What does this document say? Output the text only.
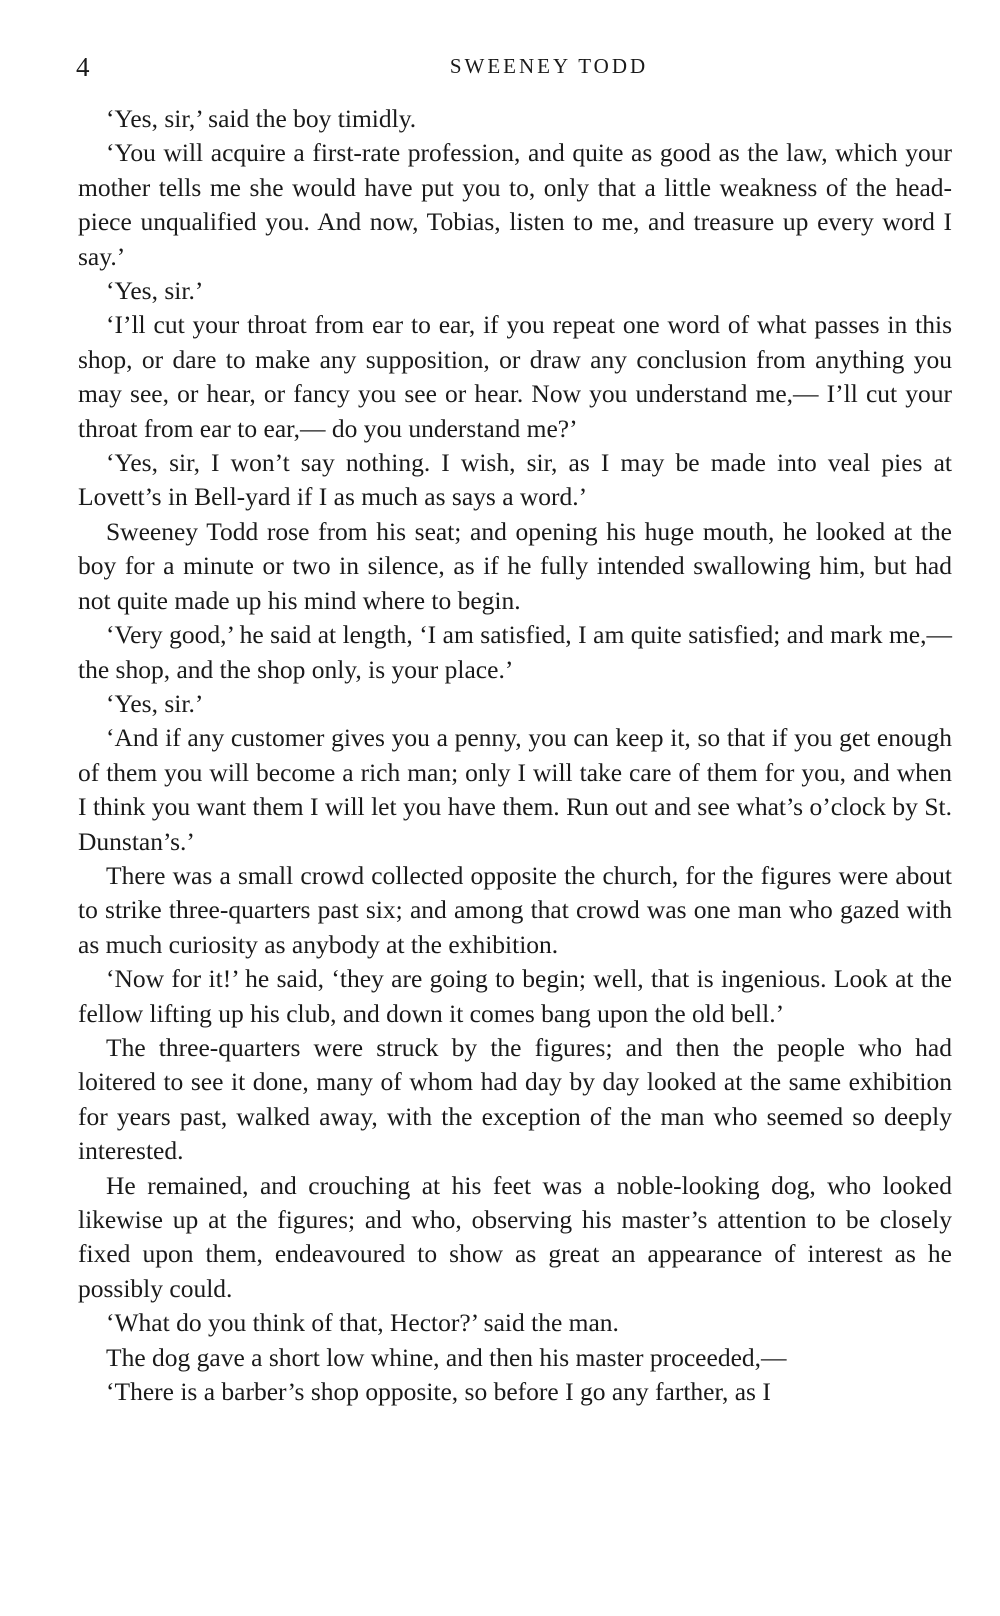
4	SWEENEY TODD

‘Yes, sir,’ said the boy timidly.

‘You will acquire a first-rate profession, and quite as good as the law, which your mother tells me she would have put you to, only that a little weakness of the head-piece unqualified you. And now, Tobias, listen to me, and treasure up every word I say.’

‘Yes, sir.’

‘I’ll cut your throat from ear to ear, if you repeat one word of what passes in this shop, or dare to make any supposition, or draw any conclusion from anything you may see, or hear, or fancy you see or hear. Now you understand me,— I’ll cut your throat from ear to ear,— do you understand me?’

‘Yes, sir, I won’t say nothing. I wish, sir, as I may be made into veal pies at Lovett’s in Bell-yard if I as much as says a word.’

Sweeney Todd rose from his seat; and opening his huge mouth, he looked at the boy for a minute or two in silence, as if he fully intended swallowing him, but had not quite made up his mind where to begin.

‘Very good,’ he said at length, ‘I am satisfied, I am quite satisfied; and mark me,— the shop, and the shop only, is your place.’

‘Yes, sir.’

‘And if any customer gives you a penny, you can keep it, so that if you get enough of them you will become a rich man; only I will take care of them for you, and when I think you want them I will let you have them. Run out and see what’s o’clock by St. Dunstan’s.’

There was a small crowd collected opposite the church, for the figures were about to strike three-quarters past six; and among that crowd was one man who gazed with as much curiosity as anybody at the exhibition.

‘Now for it!’ he said, ‘they are going to begin; well, that is ingenious. Look at the fellow lifting up his club, and down it comes bang upon the old bell.’

The three-quarters were struck by the figures; and then the people who had loitered to see it done, many of whom had day by day looked at the same exhibition for years past, walked away, with the exception of the man who seemed so deeply interested.

He remained, and crouching at his feet was a noble-looking dog, who looked likewise up at the figures; and who, observing his master’s attention to be closely fixed upon them, endeavoured to show as great an appearance of interest as he possibly could.

‘What do you think of that, Hector?’ said the man.

The dog gave a short low whine, and then his master proceeded,—

‘There is a barber’s shop opposite, so before I go any farther, as I
